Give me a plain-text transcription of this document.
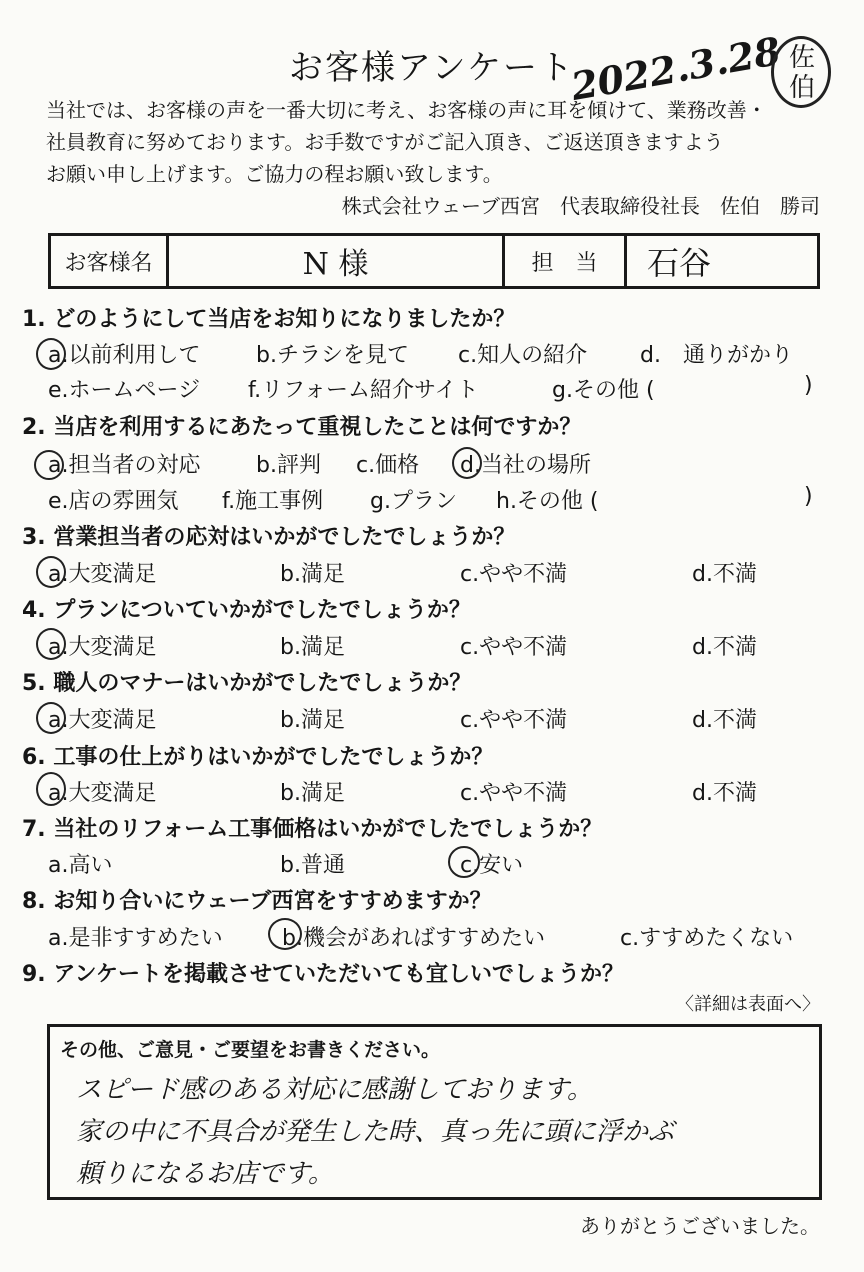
お客様アンケート
2022.3.28 佐伯
当社では、お客様の声を一番大切に考え、お客様の声に耳を傾けて、業務改善・
社員教育に努めております。お手数ですがご記入頂き、ご返送頂きますよう
お願い申し上げます。ご協力の程お願い致します。
株式会社ウェーブ西宮　代表取締役社長　佐伯　勝司
お客様名	N 様	担　当	石谷
1. どのようにして当店をお知りになりましたか？
a.以前利用して	b.チラシを見て c.知人の紹介 d.　通りがかり
e.ホームページ f.リフォーム紹介サイト	g.その他 (	)
2. 当店を利用するにあたって重視したことは何ですか？
a.担当者の対応	b.評判 c.価格 d.当社の場所
e.店の雰囲気 f.施工事例 g.プラン h.その他 (	)
3. 営業担当者の応対はいかがでしたでしょうか？
a.大変満足	b.満足	c.やや不満	d.不満
4. プランについていかがでしたでしょうか？
a.大変満足	b.満足	c.やや不満	d.不満
5. 職人のマナーはいかがでしたでしょうか？
a.大変満足	b.満足	c.やや不満	d.不満
6. 工事の仕上がりはいかがでしたでしょうか？
a.大変満足	b.満足	c.やや不満	d.不満
7. 当社のリフォーム工事価格はいかがでしたでしょうか？
a.高い	b.普通	c.安い
8. お知り合いにウェーブ西宮をすすめますか？
a.是非すすめたい	b.機会があればすすめたい	c.すすめたくない
9. アンケートを掲載させていただいても宜しいでしょうか？
〈詳細は表面へ〉
その他、ご意見・ご要望をお書きください。
スピード感のある対応に感謝しております。
家の中に不具合が発生した時、真っ先に頭に浮かぶ
頼りになるお店です。
ありがとうございました。
